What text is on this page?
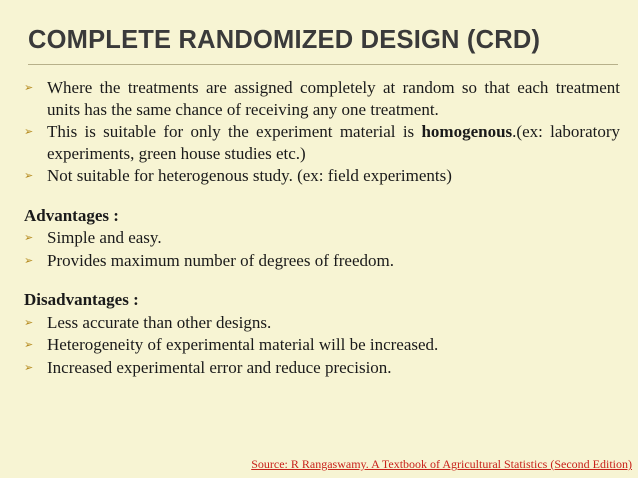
COMPLETE RANDOMIZED DESIGN (CRD)
➢ Where the treatments are assigned completely at random so that each treatment units has the same chance of receiving any one treatment.
➢ This is suitable for only the experiment material is homogenous.(ex: laboratory experiments, green house studies etc.)
➢ Not suitable for heterogenous study. (ex: field experiments)
Advantages :
➢ Simple and easy.
➢ Provides maximum number of degrees of freedom.
Disadvantages :
➢ Less accurate than other designs.
➢ Heterogeneity of experimental material will be increased.
➢ Increased experimental error and reduce precision.
Source: R Rangaswamy. A Textbook of Agricultural Statistics (Second Edition)
